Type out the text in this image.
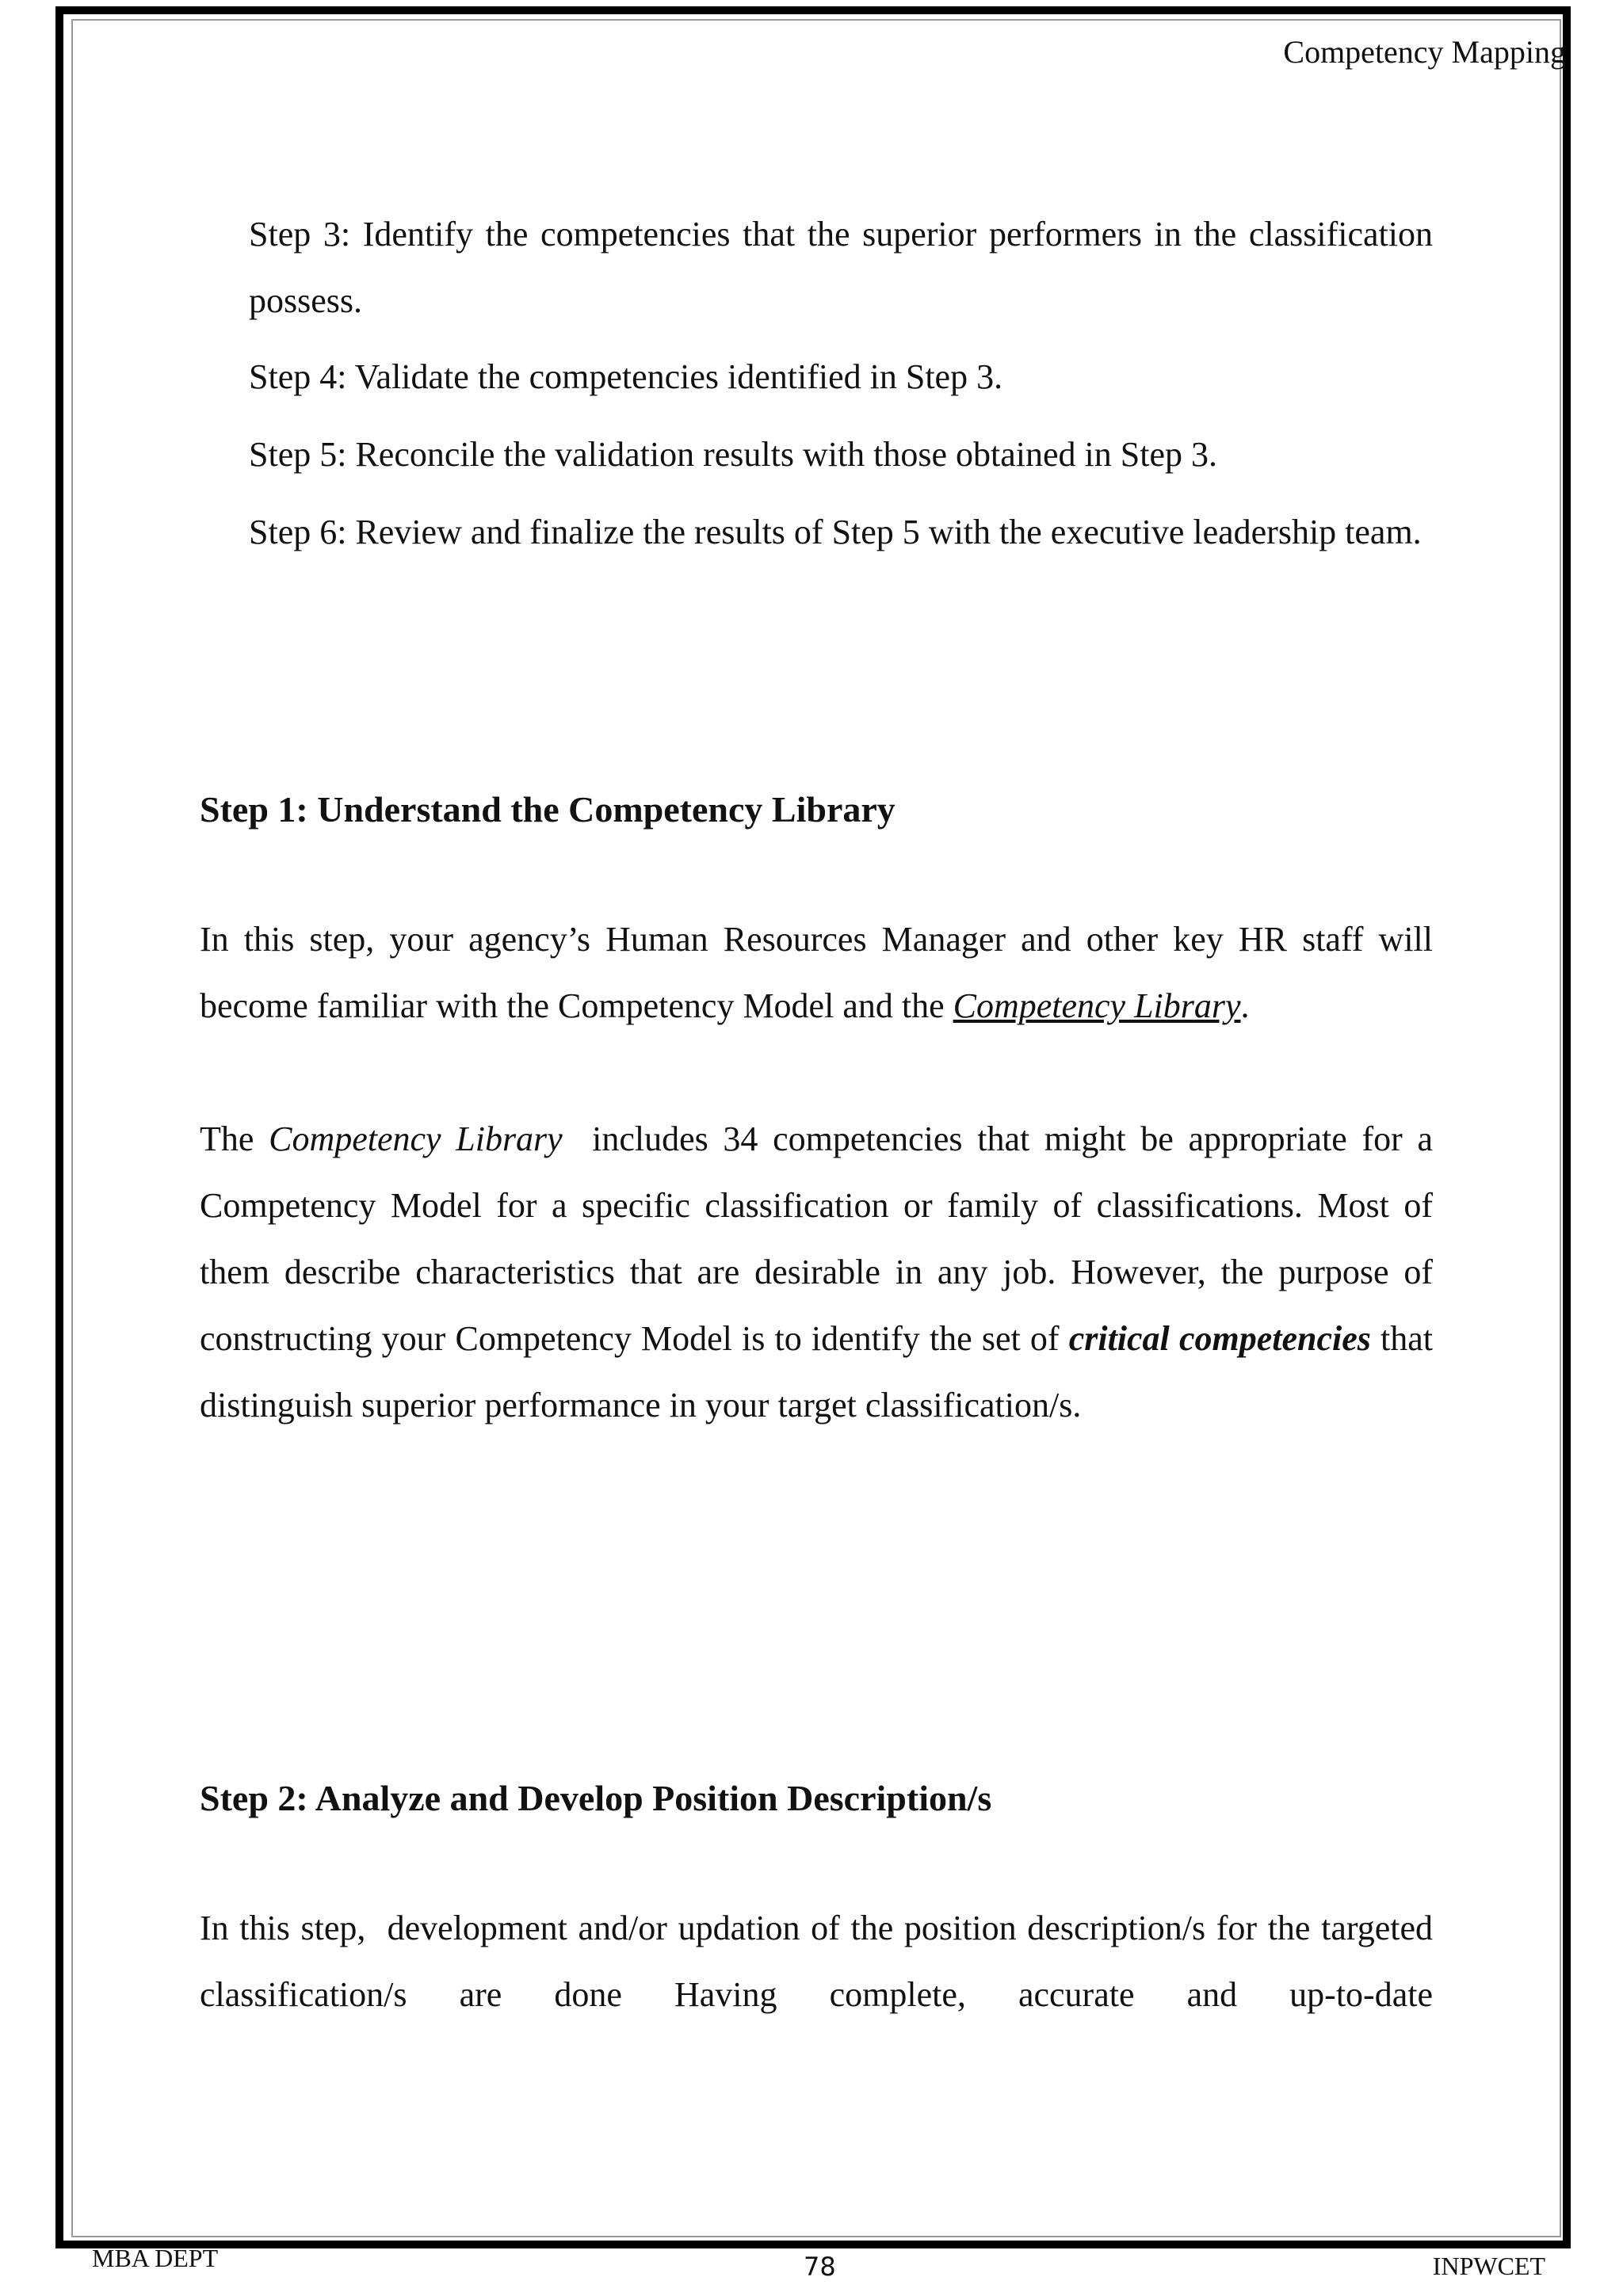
Competency Mapping
Step 3: Identify the competencies that the superior performers in the classification possess.
Step 4: Validate the competencies identified in Step 3.
Step 5: Reconcile the validation results with those obtained in Step 3.
Step 6: Review and finalize the results of Step 5 with the executive leadership team.
Step 1: Understand the Competency Library

In this step, your agency’s Human Resources Manager and other key HR staff will become familiar with the Competency Model and the Competency Library.

The Competency Library  includes 34 competencies that might be appropriate for a Competency Model for a specific classification or family of classifications. Most of them describe characteristics that are desirable in any job. However, the purpose of constructing your Competency Model is to identify the set of critical competencies that distinguish superior performance in your target classification/s.

Step 2: Analyze and Develop Position Description/s

In this step,  development and/or updation of the position description/s for the targeted classification/s are done Having complete, accurate and up-to-date

MBA DEPT	78	INPWCET
